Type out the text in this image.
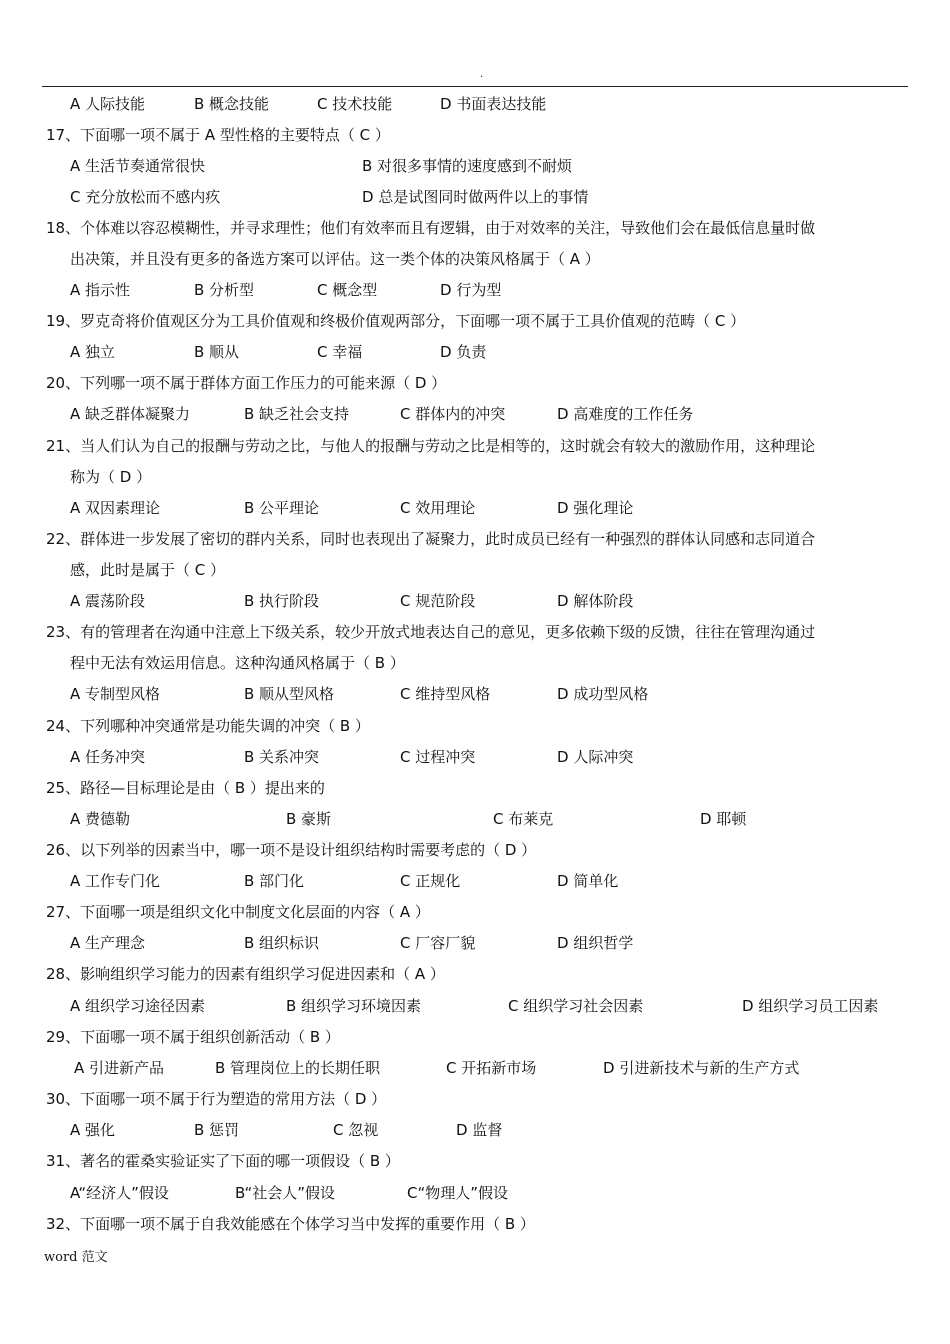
.
A 人际技能	B 概念技能	C 技术技能	D 书面表达技能
17、下面哪一项不属于 A 型性格的主要特点（ C ）
A 生活节奏通常很快	B 对很多事情的速度感到不耐烦
C 充分放松而不感内疚	D 总是试图同时做两件以上的事情
18、个体难以容忍模糊性，并寻求理性；他们有效率而且有逻辑，由于对效率的关注，导致他们会在最低信息量时做
出决策，并且没有更多的备选方案可以评估。这一类个体的决策风格属于（ A ）
A 指示性	B 分析型	C 概念型	D 行为型
19、罗克奇将价值观区分为工具价值观和终极价值观两部分，下面哪一项不属于工具价值观的范畴（ C ）
A 独立	B 顺从	C 幸福	D 负责
20、下列哪一项不属于群体方面工作压力的可能来源（ D ）
A 缺乏群体凝聚力	B 缺乏社会支持	C 群体内的冲突	D 高难度的工作任务
21、当人们认为自己的报酬与劳动之比，与他人的报酬与劳动之比是相等的，这时就会有较大的激励作用，这种理论
称为（ D ）
A 双因素理论	B 公平理论	C 效用理论	D 强化理论
22、群体进一步发展了密切的群内关系，同时也表现出了凝聚力，此时成员已经有一种强烈的群体认同感和志同道合
感，此时是属于（ C ）
A 震荡阶段	B 执行阶段	C 规范阶段	D 解体阶段
23、有的管理者在沟通中注意上下级关系，较少开放式地表达自己的意见，更多依赖下级的反馈，往往在管理沟通过
程中无法有效运用信息。这种沟通风格属于（ B ）
A 专制型风格	B 顺从型风格	C 维持型风格	D 成功型风格
24、下列哪种冲突通常是功能失调的冲突（ B ）
A 任务冲突	B 关系冲突	C 过程冲突	D 人际冲突
25、路径—目标理论是由（ B ）提出来的
A 费德勒	B 豪斯	C 布莱克	D 耶顿
26、以下列举的因素当中，哪一项不是设计组织结构时需要考虑的（ D ）
A 工作专门化	B 部门化	C 正规化	D 简单化
27、下面哪一项是组织文化中制度文化层面的内容（ A ）
A 生产理念	B 组织标识	C 厂容厂貌	D 组织哲学
28、影响组织学习能力的因素有组织学习促进因素和（ A ）
A 组织学习途径因素	B 组织学习环境因素	C 组织学习社会因素	D 组织学习员工因素
29、下面哪一项不属于组织创新活动（ B ）
A 引进新产品	B 管理岗位上的长期任职	C 开拓新市场	D 引进新技术与新的生产方式
30、下面哪一项不属于行为塑造的常用方法（ D ）
A 强化	B 惩罚	C 忽视	D 监督
31、著名的霍桑实验证实了下面的哪一项假设（ B ）
A“经济人”假设	B“社会人”假设	C“物理人”假设
32、下面哪一项不属于自我效能感在个体学习当中发挥的重要作用（ B ）
word 范文
